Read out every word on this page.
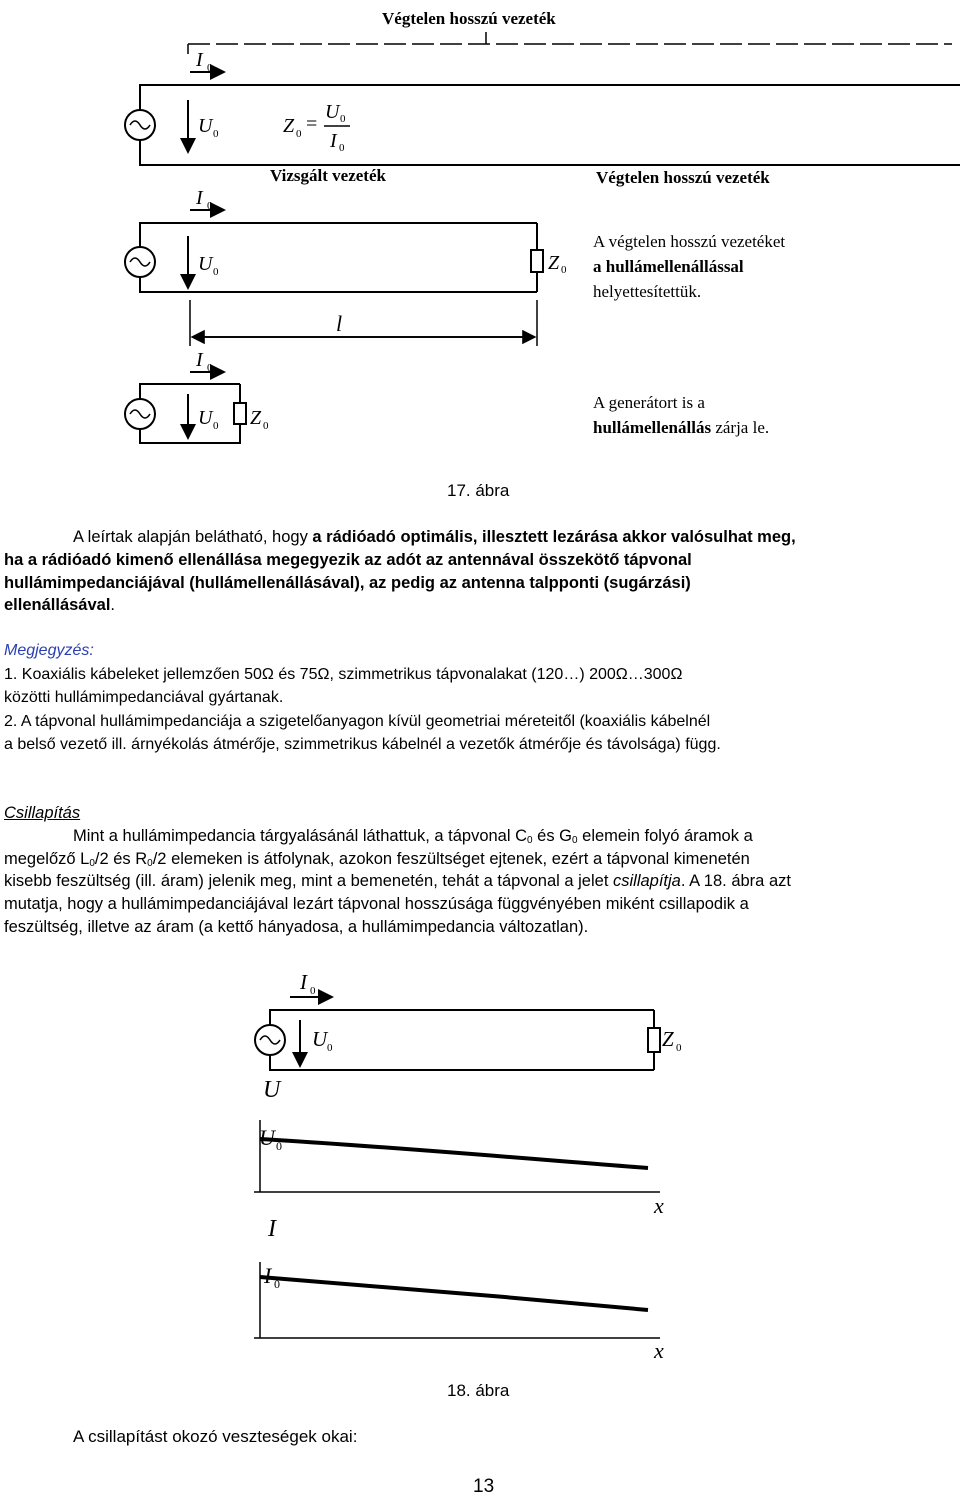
Végtelen hosszú vezeték
I 0
U 0	Z 0 =
U 0
I 0
Vizsgált vezeték	Végtelen hosszú vezeték
Z 0
I 0
U 0
l
A végtelen hosszú vezetéket
a hullámellenállással
helyettesítettük.
I 0
U 0 Z 0
A generátort is a
hullámellenállás zárja le.
17. ábra
A leírtak alapján belátható, hogy a rádióadó optimális, illesztett lezárása akkor valósulhat meg,
ha a rádióadó kimenő ellenállása megegyezik az adót az antennával összekötő tápvonal
hullámimpedanciájával (hullámellenállásával), az pedig az antenna talpponti (sugárzási)
ellenállásával.
Megjegyzés:
1. Koaxiális kábeleket jellemzően 50Ω és 75Ω, szimmetrikus tápvonalakat (120…) 200Ω…300Ω
közötti hullámimpedanciával gyártanak.
2. A tápvonal hullámimpedanciája a szigetelőanyagon kívül geometriai méreteitől (koaxiális kábelnél
a belső vezető ill. árnyékolás átmérője, szimmetrikus kábelnél a vezetők átmérője és távolsága) függ.
Csillapítás
Mint a hullámimpedancia tárgyalásánál láthattuk, a tápvonal $C_0$ és $G_0$ elemein folyó áramok a
megelőző $L_0/2$ és $R_0/2$ elemeken is átfolynak, azokon feszültséget ejtenek, ezért a tápvonal kimenetén
kisebb feszültség (ill. áram) jelenik meg, mint a bemenetén, tehát a tápvonal a jelet csillapítja. A 18. ábra azt
mutatja, hogy a hullámimpedanciájával lezárt tápvonal hosszúsága függvényében miként csillapodik a
feszültség, illetve az áram (a kettő hányadosa, a hullámimpedancia változatlan).
Z 0
I 0
U 0
U
U 0
x
I
I 0
x
18. ábra
A csillapítást okozó veszteségek okai:
13
